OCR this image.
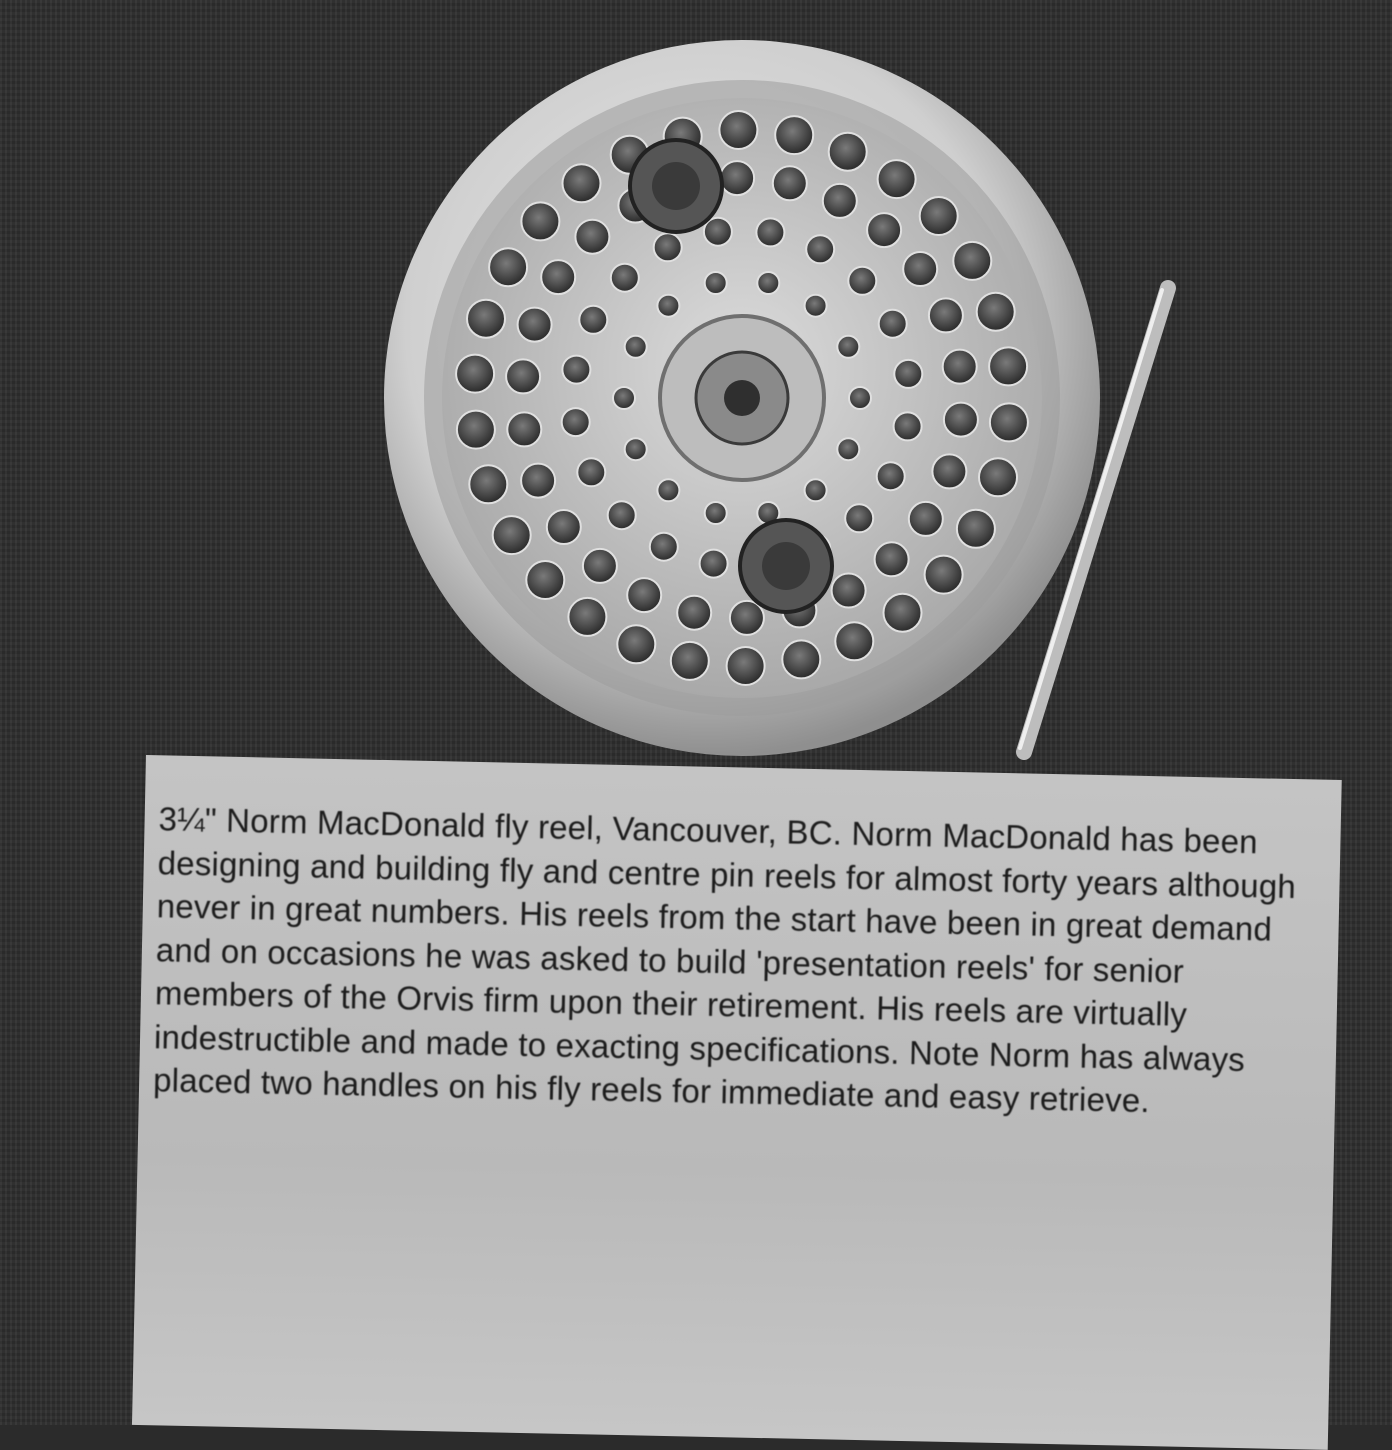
3¼" Norm MacDonald fly reel, Vancouver, BC. Norm MacDonald has been designing and building fly and centre pin reels for almost forty years although never in great numbers. His reels from the start have been in great demand and on occasions he was asked to build 'presentation reels' for senior members of the Orvis firm upon their retirement. His reels are virtually indestructible and made to exacting specifications. Note Norm has always placed two handles on his fly reels for immediate and easy retrieve.
